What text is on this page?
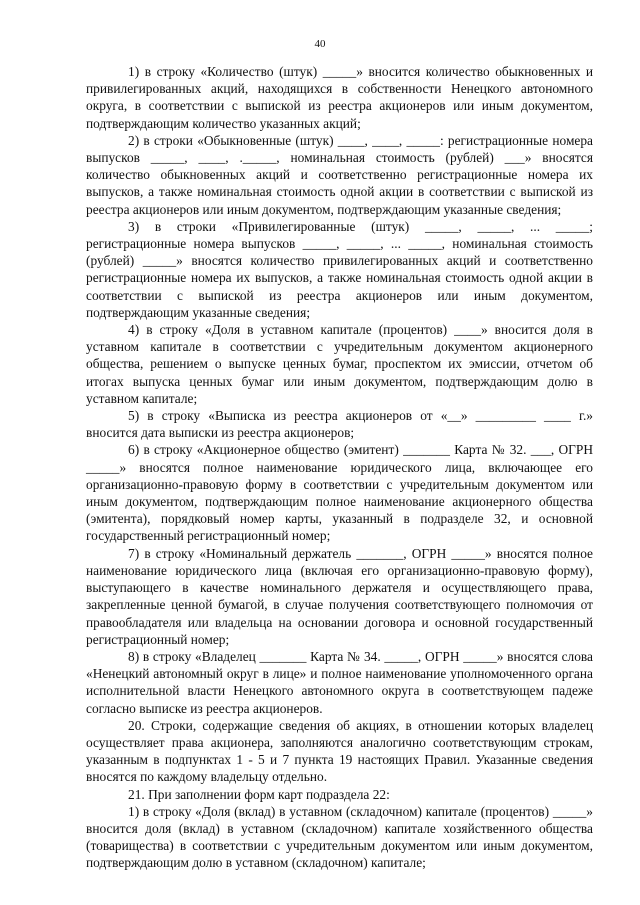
40

1) в строку «Количество (штук) _____» вносится количество обыкновенных и привилегированных акций, находящихся в собственности Ненецкого автономного округа, в соответствии с выпиской из реестра акционеров или иным документом, подтверждающим количество указанных акций;

2) в строки «Обыкновенные (штук) ____, ____, _____: регистрационные номера выпусков _____, ____, ._____, номинальная стоимость (рублей) ___» вносятся количество обыкновенных акций и соответственно регистрационные номера их выпусков, а также номинальная стоимость одной акции в соответствии с выпиской из реестра акционеров или иным документом, подтверждающим указанные сведения;

3) в строки «Привилегированные (штук) _____, _____, ... _____; регистрационные номера выпусков _____, _____, ... _____, номинальная стоимость (рублей) _____» вносятся количество привилегированных акций и соответственно регистрационные номера их выпусков, а также номинальная стоимость одной акции в соответствии с выпиской из реестра акционеров или иным документом, подтверждающим указанные сведения;

4) в строку «Доля в уставном капитале (процентов) ____» вносится доля в уставном капитале в соответствии с учредительным документом акционерного общества, решением о выпуске ценных бумаг, проспектом их эмиссии, отчетом об итогах выпуска ценных бумаг или иным документом, подтверждающим долю в уставном капитале;

5) в строку «Выписка из реестра акционеров от «__» _________ ____ г.» вносится дата выписки из реестра акционеров;

6) в строку «Акционерное общество (эмитент) _______ Карта № 32. ___, ОГРН _____» вносятся полное наименование юридического лица, включающее его организационно-правовую форму в соответствии с учредительным документом или иным документом, подтверждающим полное наименование акционерного общества (эмитента), порядковый номер карты, указанный в подразделе 32, и основной государственный регистрационный номер;

7) в строку «Номинальный держатель _______, ОГРН _____» вносятся полное наименование юридического лица (включая его организационно-правовую форму), выступающего в качестве номинального держателя и осуществляющего права, закрепленные ценной бумагой, в случае получения соответствующего полномочия от правообладателя или владельца на основании договора и основной государственный регистрационный номер;

8) в строку «Владелец _______ Карта № 34. _____, ОГРН _____» вносятся слова «Ненецкий автономный округ в лице» и полное наименование уполномоченного органа исполнительной власти Ненецкого автономного округа в соответствующем падеже согласно выписке из реестра акционеров.

20. Строки, содержащие сведения об акциях, в отношении которых владелец осуществляет права акционера, заполняются аналогично соответствующим строкам, указанным в подпунктах 1 - 5 и 7 пункта 19 настоящих Правил. Указанные сведения вносятся по каждому владельцу отдельно.

21. При заполнении форм карт подраздела 22:

1) в строку «Доля (вклад) в уставном (складочном) капитале (процентов) _____» вносится доля (вклад) в уставном (складочном) капитале хозяйственного общества (товарищества) в соответствии с учредительным документом или иным документом, подтверждающим долю в уставном (складочном) капитале;
